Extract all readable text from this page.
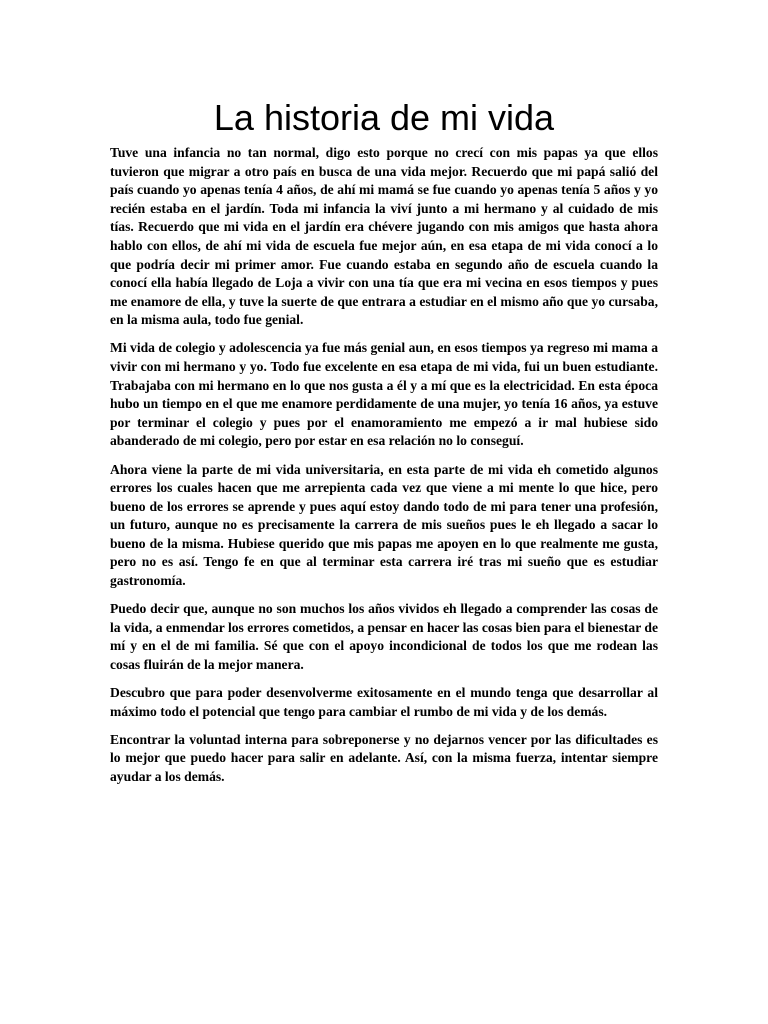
La historia de mi vida

Tuve una infancia no tan normal, digo esto porque no crecí con mis papas ya que ellos tuvieron que migrar a otro país en busca de una vida mejor. Recuerdo que mi papá salió del país cuando yo apenas tenía 4 años, de ahí mi mamá se fue cuando yo apenas tenía 5 años y yo recién estaba en el jardín. Toda mi infancia la viví junto a mi hermano y al cuidado de mis tías. Recuerdo que mi vida en el jardín era chévere jugando con mis amigos que hasta ahora hablo con ellos, de ahí mi vida de escuela fue mejor aún, en esa etapa de mi vida conocí a lo que podría decir mi primer amor. Fue cuando estaba en segundo año de escuela cuando la conocí ella había llegado de Loja a vivir con una tía que era mi vecina en esos tiempos y pues me enamore de ella, y tuve la suerte de que entrara a estudiar en el mismo año que yo cursaba, en la misma aula, todo fue genial.

Mi vida de colegio y adolescencia ya fue más genial aun, en esos tiempos ya regreso mi mama a vivir con mi hermano y yo. Todo fue excelente en esa etapa de mi vida, fui un buen estudiante. Trabajaba con mi hermano en lo que nos gusta a él y a mí que es la electricidad. En esta época hubo un tiempo en el que me enamore perdidamente de una mujer, yo tenía 16 años, ya estuve por terminar el colegio y pues por el enamoramiento me empezó a ir mal hubiese sido abanderado de mi colegio, pero por estar en esa relación no lo conseguí.

Ahora viene la parte de mi vida universitaria, en esta parte de mi vida eh cometido algunos errores los cuales hacen que me arrepienta cada vez que viene a mi mente lo que hice, pero bueno de los errores se aprende y pues aquí estoy dando todo de mi para tener una profesión, un futuro, aunque no es precisamente la carrera de mis sueños pues le eh llegado a sacar lo bueno de la misma. Hubiese querido que mis papas me apoyen en lo que realmente me gusta, pero no es así. Tengo fe en que al terminar esta carrera iré tras mi sueño que es estudiar gastronomía.

Puedo decir que, aunque no son muchos los años vividos eh llegado a comprender las cosas de la vida, a enmendar los errores cometidos, a pensar en hacer las cosas bien para el bienestar de mí y en el de mi familia. Sé que con el apoyo incondicional de todos los que me rodean las cosas fluirán de la mejor manera.

Descubro que para poder desenvolverme exitosamente en el mundo tenga que desarrollar al máximo todo el potencial que tengo para cambiar el rumbo de mi vida y de los demás.

Encontrar la voluntad interna para sobreponerse y no dejarnos vencer por las dificultades es lo mejor que puedo hacer para salir en adelante. Así, con la misma fuerza, intentar siempre ayudar a los demás.
